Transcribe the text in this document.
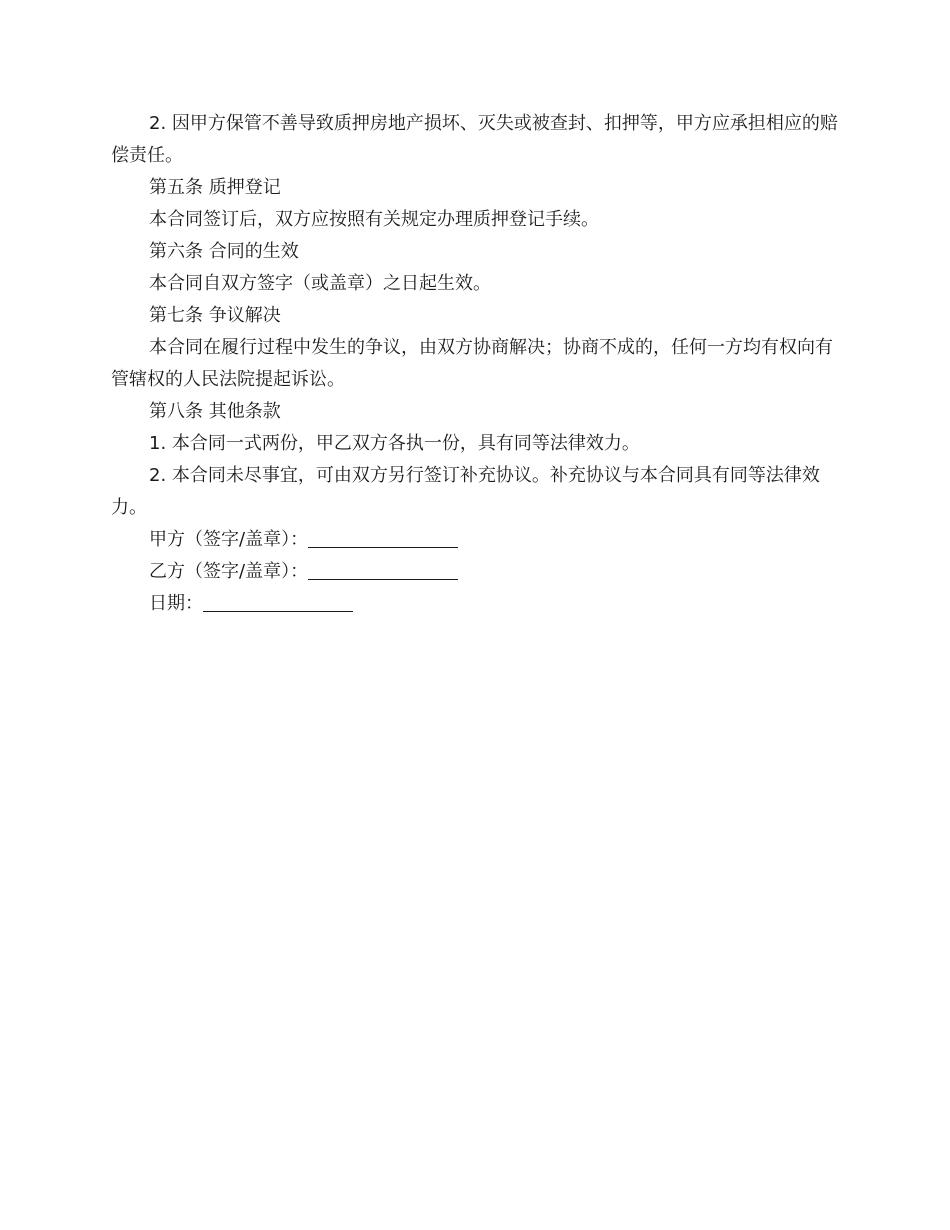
2. 因甲方保管不善导致质押房地产损坏、灭失或被查封、扣押等，甲方应承担相应的赔偿责任。

第五条 质押登记

本合同签订后，双方应按照有关规定办理质押登记手续。

第六条 合同的生效

本合同自双方签字（或盖章）之日起生效。

第七条 争议解决

本合同在履行过程中发生的争议，由双方协商解决；协商不成的，任何一方均有权向有管辖权的人民法院提起诉讼。

第八条 其他条款

1. 本合同一式两份，甲乙双方各执一份，具有同等法律效力。

2. 本合同未尽事宜，可由双方另行签订补充协议。补充协议与本合同具有同等法律效力。

甲方（签字/盖章）：

乙方（签字/盖章）：

日期：
